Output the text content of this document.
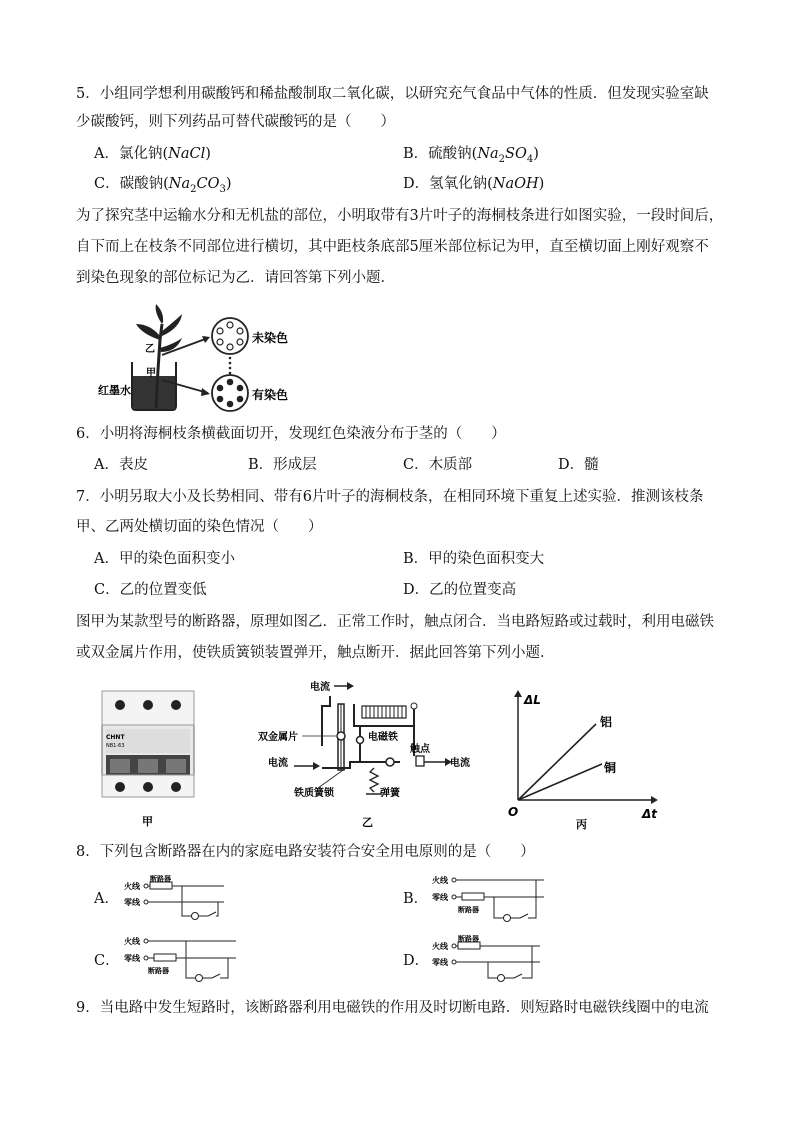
5．小组同学想利用碳酸钙和稀盐酸制取二氧化碳，以研究充气食品中气体的性质．但发现实验室缺
少碳酸钙，则下列药品可替代碳酸钙的是（　　）
A．氯化钠(NaCl)	B．硫酸钠$(Na_2SO_4)$
C．碳酸钠$(Na_2CO_3)$	D．氢氧化钠(NaOH)
为了探究茎中运输水分和无机盐的部位，小明取带有3片叶子的海桐枝条进行如图实验，一段时间后，
自下而上在枝条不同部位进行横切，其中距枝条底部5厘米部位标记为甲，直至横切面上刚好观察不
到染色现象的部位标记为乙．请回答第下列小题．
乙
甲
红墨水
未染色
有染色
6．小明将海桐枝条横截面切开，发现红色染液分布于茎的（　　）
A．表皮	B．形成层	C．木质部	D．髓
7．小明另取大小及长势相同、带有6片叶子的海桐枝条，在相同环境下重复上述实验．推测该枝条
甲、乙两处横切面的染色情况（　　）
A．甲的染色面积变小	B．甲的染色面积变大
C．乙的位置变低	D．乙的位置变高
图甲为某款型号的断路器，原理如图乙．正常工作时，触点闭合．当电路短路或过载时，利用电磁铁
或双金属片作用，使铁质簧锁装置弹开，触点断开．据此回答第下列小题．
CHNT
NB1-63
甲
电流
双金属片	电磁铁
弹簧
铁质簧锁
触点
电流
电流
乙
ΔL
Δt
O
铝
铜
丙
8．下列包含断路器在内的家庭电路安装符合安全用电原则的是（　　）
A．
火线
零线
断路器
B．
火线
零线
断路器
C．
火线
零线
断路器
D．
火线
零线
断路器
9．当电路中发生短路时，该断路器利用电磁铁的作用及时切断电路．则短路时电磁铁线圈中的电流
